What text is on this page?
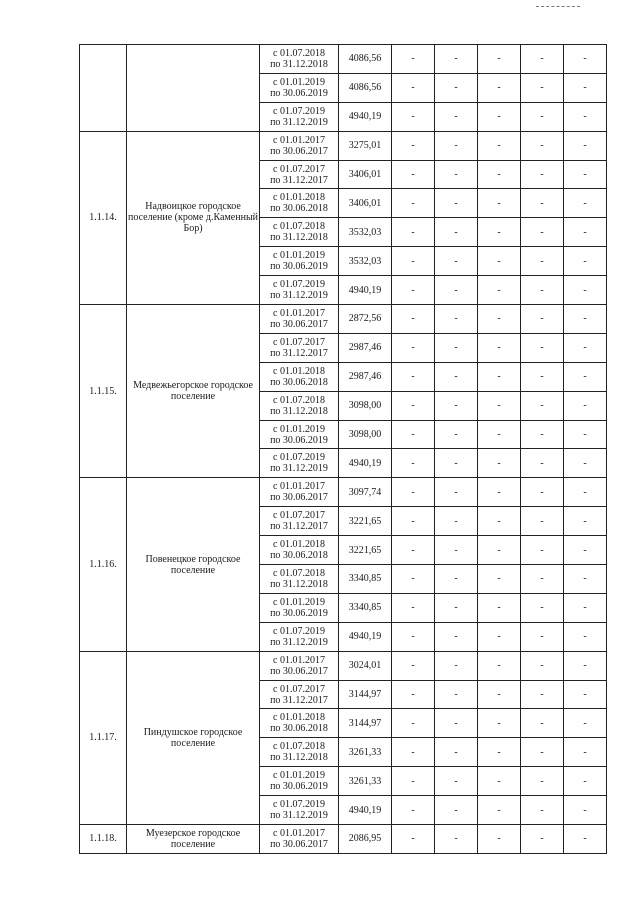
		с 01.07.2018
по 31.12.2018	4086,56	-	-	-	-	-

		с 01.01.2019
по 30.06.2019	4086,56	-	-	-	-	-

		с 01.07.2019
по 31.12.2019	4940,19	-	-	-	-	-
1.1.14.	Надвоицкое городское поселение (кроме д.Каменный Бор)	с 01.01.2017
по 30.06.2017	3275,01	-	-	-	-	-

		с 01.07.2017
по 31.12.2017	3406,01	-	-	-	-	-

		с 01.01.2018
по 30.06.2018	3406,01	-	-	-	-	-

		с 01.07.2018
по 31.12.2018	3532,03	-	-	-	-	-

		с 01.01.2019
по 30.06.2019	3532,03	-	-	-	-	-

		с 01.07.2019
по 31.12.2019	4940,19	-	-	-	-	-
1.1.15.	Медвежьегорское городское поселение	с 01.01.2017
по 30.06.2017	2872,56	-	-	-	-	-

		с 01.07.2017
по 31.12.2017	2987,46	-	-	-	-	-

		с 01.01.2018
по 30.06.2018	2987,46	-	-	-	-	-

		с 01.07.2018
по 31.12.2018	3098,00	-	-	-	-	-

		с 01.01.2019
по 30.06.2019	3098,00	-	-	-	-	-

		с 01.07.2019
по 31.12.2019	4940,19	-	-	-	-	-
1.1.16.	Повенецкое городское поселение	с 01.01.2017
по 30.06.2017	3097,74	-	-	-	-	-

		с 01.07.2017
по 31.12.2017	3221,65	-	-	-	-	-

		с 01.01.2018
по 30.06.2018	3221,65	-	-	-	-	-

		с 01.07.2018
по 31.12.2018	3340,85	-	-	-	-	-

		с 01.01.2019
по 30.06.2019	3340,85	-	-	-	-	-

		с 01.07.2019
по 31.12.2019	4940,19	-	-	-	-	-
1.1.17.	Пиндушское городское поселение	с 01.01.2017
по 30.06.2017	3024,01	-	-	-	-	-

		с 01.07.2017
по 31.12.2017	3144,97	-	-	-	-	-

		с 01.01.2018
по 30.06.2018	3144,97	-	-	-	-	-

		с 01.07.2018
по 31.12.2018	3261,33	-	-	-	-	-

		с 01.01.2019
по 30.06.2019	3261,33	-	-	-	-	-

		с 01.07.2019
по 31.12.2019	4940,19	-	-	-	-	-
1.1.18.	Муезерское городское поселение	с 01.01.2017
по 30.06.2017	2086,95	-	-	-	-	-
